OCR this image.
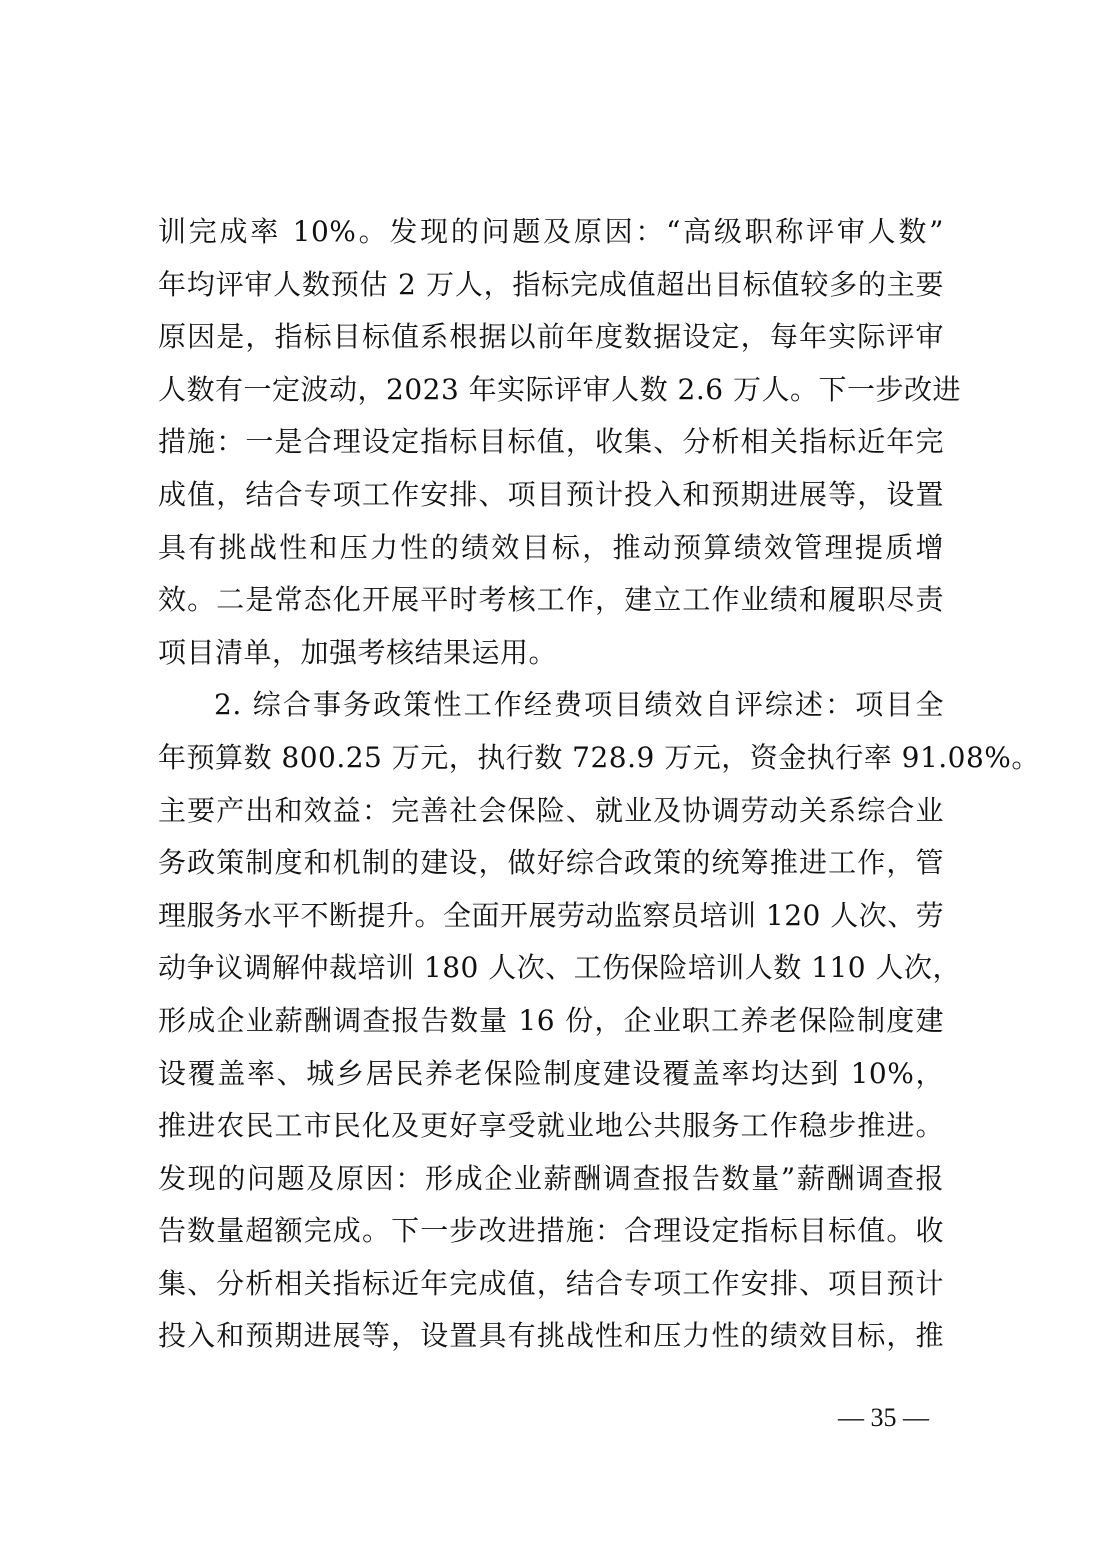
训完成率 10%。发现的问题及原因：“高级职称评审人数”
年均评审人数预估 2 万人，指标完成值超出目标值较多的主要
原因是，指标目标值系根据以前年度数据设定，每年实际评审
人数有一定波动，2023 年实际评审人数 2.6 万人。下一步改进
措施：一是合理设定指标目标值，收集、分析相关指标近年完
成值，结合专项工作安排、项目预计投入和预期进展等，设置
具有挑战性和压力性的绩效目标，推动预算绩效管理提质增
效。二是常态化开展平时考核工作，建立工作业绩和履职尽责
项目清单，加强考核结果运用。
2. 综合事务政策性工作经费项目绩效自评综述：项目全
年预算数 800.25 万元，执行数 728.9 万元，资金执行率 91.08%。
主要产出和效益：完善社会保险、就业及协调劳动关系综合业
务政策制度和机制的建设，做好综合政策的统筹推进工作，管
理服务水平不断提升。全面开展劳动监察员培训 120 人次、劳
动争议调解仲裁培训 180 人次、工伤保险培训人数 110 人次，
形成企业薪酬调查报告数量 16 份，企业职工养老保险制度建
设覆盖率、城乡居民养老保险制度建设覆盖率均达到 10%，
推进农民工市民化及更好享受就业地公共服务工作稳步推进。
发现的问题及原因：形成企业薪酬调查报告数量”薪酬调查报
告数量超额完成。下一步改进措施：合理设定指标目标值。收
集、分析相关指标近年完成值，结合专项工作安排、项目预计
投入和预期进展等，设置具有挑战性和压力性的绩效目标，推
— 35 —
